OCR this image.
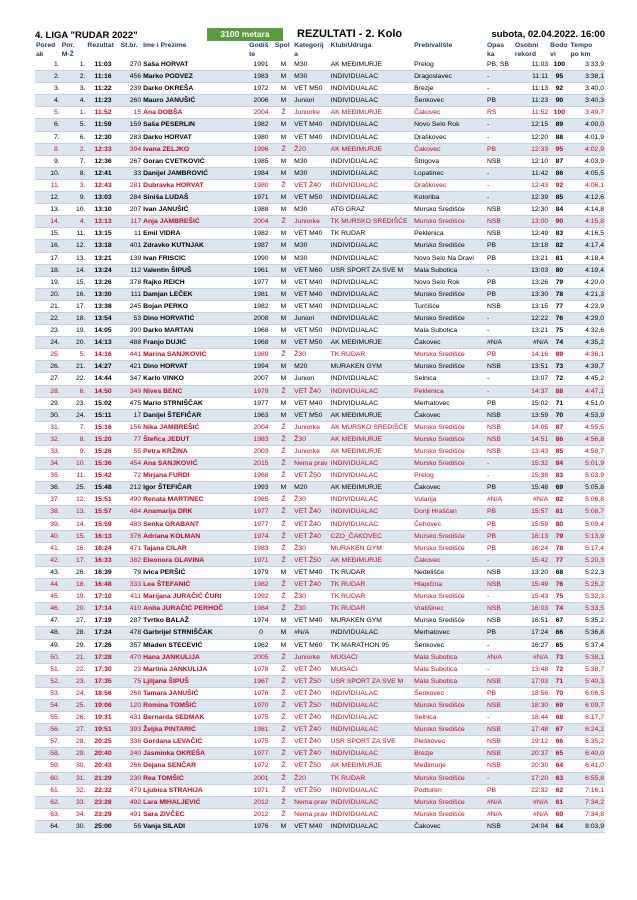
4. LIGA "RUDAR 2022"	3100 metara	REZULTATI - 2. Kolo	subota, 02.04.2022. 16:00
Pored	Por.	Rezultat	St.br.	Ime i Prezime	Godiš	Spol	Kategorij	Klub/Udruga	Prebivalište	Opas	Osobni	Bodo	Tempo
ak	M-Ž				te		a			ka	rekord	vi	po km
1.	1.	11:03	270	Saša HORVAT	1991	M	M30	AK MEĐIMURJE	Prelog	PB, SB	11:03	100	3:33,9
2.	2.	11:16	456	Marko PODVEZ	1983	M	M30	INDIVIDUALAC	Dragoslavec	-	11:11	95	3:38,1
3.	3.	11:22	239	Darko OKREŠA	1972	M	VET M50	INDIVIDUALAC	Brezje	-	11:13	92	3:40,0
4.	4.	11:23	260	Mauro JANUŠIĆ	2006	M	Juniori	INDIVIDUALAC	Šenkovec	PB	11:23	90	3:40,3
5.	1.	11:52	15	Ana DOBŠA	2004	Ž	Juniorke	AK MEĐIMURJE	Čakovec	RS	11:52	100	3:49,7
6.	5.	11:59	159	Saša PESERLIN	1982	M	VET M40	INDIVIDUALAC	Novo Selo Rok	-	12:15	89	4:00,0
7.	6.	12:30	283	Darko HORVAT	1980	M	VET M40	INDIVIDUALAC	Draškovec	-	12:20	88	4:01,9
8.	2.	12:33	394	Ivana ZELJKO	1996	Ž	Ž20	AK MEĐIMURJE	Čakovec	PB	12:33	95	4:02,9
9.	7.	12:36	267	Goran CVETKOVIĆ	1985	M	M30	INDIVIDUALAC	Štrigova	NSB	12:10	87	4:03,9
10.	8.	12:41	33	Danijel JAMBROVIĆ	1984	M	M30	INDIVIDUALAC	Lopatinec	-	11:42	86	4:05,5
11.	3.	12:43	281	Dubravka HORVAT	1980	Ž	VET Ž40	INDIVIDUALAC	Draškovec	-	12:43	92	4:06,1
12.	9.	13:03	284	Siniša LUDAŠ	1971	M	VET M50	INDIVIDUALAC	Kotoriba	-	12:39	85	4:12,6
13.	10.	13:10	207	Ivan JANUŠIĆ	1988	M	M30	ATG GRAZ	Mursko Središće	NSB	12:30	84	4:14,8
14.	4.	13:13	117	Anja JAMBREŠIĆ	2004	Ž	Juniorke	TK MURSKO SREDIŠĆE	Mursko Središće	NSB	13:00	90	4:15,8
15.	11.	13:15	11	Emil VIDRA	1982	M	VET M40	TK RUDAR	Peklenica	NSB	12:49	83	4:16,5
16.	12.	13:18	401	Zdravko KUTNJAK	1987	M	M30	INDIVIDUALAC	Mursko Središće	PB	13:18	82	4:17,4
17.	13.	13:21	139	Ivan FRISCIC	1990	M	M30	INDIVIDUALAC	Novo Selo Na Dravi	PB	13:21	81	4:18,4
18.	14.	13:24	112	Valentin ŠIPUŠ	1961	M	VET M60	USR SPORT ZA SVE M	Mala Subotica	-	13:03	80	4:19,4
19.	15.	13:26	378	Rajko REICH	1977	M	VET M40	INDIVIDUALAC	Novo Selo Rok	PB	13:26	79	4:20,0
20.	16.	13:30	111	Damjan LEČEK	1981	M	VET M40	INDIVIDUALAC	Mursko Središće	PB	13:30	78	4:21,3
21.	17.	13:38	245	Bojan PERKO	1982	M	VET M40	INDIVIDUALAC	Turčišće	NSB	13:15	77	4:23,9
22.	18.	13:54	53	Dino HORVATIĆ	2008	M	Juniori	INDIVIDUALAC	Mursko Središće	-	12:22	76	4:29,0
23.	19.	14:05	390	Darko MARTAN	1968	M	VET M50	INDIVIDUALAC	Mala Subotica	-	13:21	75	4:32,6
24.	20.	14:13	488	Franjo DUJIĆ	1968	M	VET M50	AK MEĐIMURJE	Čakovec	#N/A	#N/A	74	4:35,2
25.	5.	14:16	441	Marina SANJKOVIĆ	1989	Ž	Ž30	TK RUDAR	Mursko Središće	PB	14:16	89	4:36,1
26.	21.	14:27	421	Dino HORVAT	1994	M	M20	MURAKEN GYM	Mursko Središće	NSB	13:51	73	4:39,7
27.	22.	14:44	347	Karlo VINKO	2007	M	Juniori	INDIVIDUALAC	Selnica	-	13:07	72	4:45,2
28.	6.	14:50	349	Nives BENC	1979	Ž	VET Ž40	INDIVIDUALAC	Peklenica	-	14:37	88	4:47,1
29.	23.	15:02	475	Mario STRNIŠČAK	1977	M	VET M40	INDIVIDUALAC	Merhatovec	PB	15:02	71	4:51,0
30.	24.	15:11	17	Danijel ŠTEFIČAR	1963	M	VET M50	AK MEĐIMURJE	Čakovec	NSB	13:59	70	4:53,9
31.	7.	15:16	156	Nika JAMBREŠIĆ	2004	Ž	Juniorke	AK MURSKO SREDIŠĆE	Mursko Središće	NSB	14:05	87	4:55,5
32.	8.	15:20	77	Štefica JEDUT	1983	Ž	Ž30	AK MEĐIMURJE	Mursko Središće	NSB	14:51	86	4:56,8
33.	9.	15:26	55	Petra KRŽINA	2003	Ž	Juniorke	AK MEĐIMURJE	Mursko Središće	NSB	13:43	85	4:58,7
34.	10.	15:36	454	Ana SANJKOVIĆ	2015	Ž	Nema prav	INDIVIDUALAC	Mursko Središće	-	15:32	84	5:01,9
35.	11.	15:42	72	Mirjana FURDI	1968	Ž	VET Ž50	INDIVIDUALAC	Prelog	-	15:38	83	5:03,9
36.	25.	15:48	212	Igor ŠTEFIČAR	1993	M	M20	AK MEĐIMURJE	Čakovec	PB	15:48	69	5:05,8
37.	12.	15:51	490	Renata MARTINEC	1985	Ž	Ž30	INDIVIDUALAC	Vularija	#N/A	#N/A	82	5:06,8
38.	13.	15:57	484	Anamarija DRK	1977	Ž	VET Ž40	INDIVIDUALAC	Donji Hraščan	PB	15:57	81	5:08,7
39.	14.	15:59	483	Senka GRABANT	1977	Ž	VET Ž40	INDIVIDUALAC	Čehovec	PB	15:59	80	5:09,4
40.	15.	16:13	376	Adriana KOLMAN	1974	Ž	VET Ž40	CZO_ČAKOVEC	Mursko Središće	PB	16:13	79	5:13,9
41.	16.	16:24	471	Tajana CILAR	1983	Ž	Ž30	MURAKEN GYM	Mursko Središće	PB	16:24	78	5:17,4
42.	17.	16:33	382	Eleonora GLAVINA	1971	Ž	VET Ž50	AK MEĐIMURJE	Čakovec	-	15:42	77	5:20,3
43.	26.	16:39	79	Ivica PERŠIĆ	1979	M	VET M40	TK RUDAR	Nedelišće	NSB	13:20	68	5:22,3
44.	18.	16:48	333	Lea ŠTEFANIĆ	1982	Ž	VET Ž40	TK RUDAR	Hlapičina	NSB	15:49	76	5:25,2
45.	19.	17:10	411	Marijana JURAČIĆ ČURI	1992	Ž	Ž30	TK RUDAR	Mursko Središće	-	15:43	75	5:32,3
46.	20.	17:14	410	Anita JURAČIĆ PERHOČ	1984	Ž	Ž30	TK RUDAR	Vratišinec	NSB	16:03	74	5:33,5
47.	27.	17:19	287	Tvrtko BALAŽ	1974	M	VET M40	MURAKEN GYM	Mursko Središće	NSB	16:51	67	5:35,2
48.	28.	17:24	478	Garbrijel STRNIŠČAK	0	M	#N/A	INDIVIDUALAC	Merhatovec	PB	17:24	66	5:36,8
49.	29.	17:26	357	Mladen STECEVIĆ	1962	M	VET M60	TK MARATHON 95	Šenkovec	-	16:27	65	5:37,4
50.	21.	17:28	470	Hana JANKULIJA	2005	Ž	Juniorke	MUGAĆI	Mala Subotica	#N/A	#N/A	73	5:38,1
51.	22.	17:30	23	Martina JANKULIJA	1978	Ž	VET Ž40	MUGAĆI	Mala Subotica	-	13:48	72	5:38,7
52.	23.	17:35	75	Ljiljana ŠIPUŠ	1967	Ž	VET Ž50	USR SPORT ZA SVE M	Mala Subotica	NSB	17:03	71	5:40,3
53.	24.	18:56	268	Tamara JANUŠIĆ	1976	Ž	VET Ž40	INDIVIDUALAC	Šenkovec	PB	18:56	70	6:06,5
54.	25.	19:06	120	Romina TOMŠIĆ	1970	Ž	VET Ž50	INDIVIDUALAC	Mursko Središće	NSB	18:30	69	6:09,7
55.	26.	19:31	431	Bernarda SEDMAK	1975	Ž	VET Ž40	INDIVIDUALAC	Selnica	-	18:44	68	6:17,7
56.	27.	19:51	393	Željka PINTARIĆ	1981	Ž	VET Ž40	INDIVIDUALAC	Mursko Središće	NSB	17:48	67	6:24,2
57.	28.	20:25	336	Gordana LEVAČIĆ	1975	Ž	VET Ž40	USR SPORT ZA SVE	Pleškovec	NSB	19:12	66	6:35,2
58.	29.	20:40	240	Jasminka OKREŠA	1977	Ž	VET Ž40	INDIVIDUALAC	Brezje	NSB	20:37	65	6:40,0
59.	30.	20:43	266	Dejana SENČAR	1972	Ž	VET Ž50	AK MEĐIMURJE	Međimurje	NSB	20:30	64	6:41,0
60.	31.	21:29	230	Rea TOMŠIĆ	2001	Ž	Ž20	TK RUDAR	Mursko Središće	-	17:20	63	6:55,8
61.	32.	22:32	479	Ljubica STRAHIJA	1971	Ž	VET Ž50	INDIVIDUALAC	Podturen	PB	22:32	62	7:16,1
62.	33.	23:28	492	Lara MIHALJEVIĆ	2012	Ž	Nema prav	INDIVIDUALAC	Mursko Središće	#N/A	#N/A	61	7:34,2
63.	34.	23:29	491	Sara ZIVČEC	2012	Ž	Nema prav	INDIVIDUALAC	Mursko Središće	#N/A	#N/A	60	7:34,8
64.	30.	25:00	56	Vanja SILADI	1976	M	VET M40	INDIVIDUALAC	Čakovec	NSB	24:04	64	8:03,9
